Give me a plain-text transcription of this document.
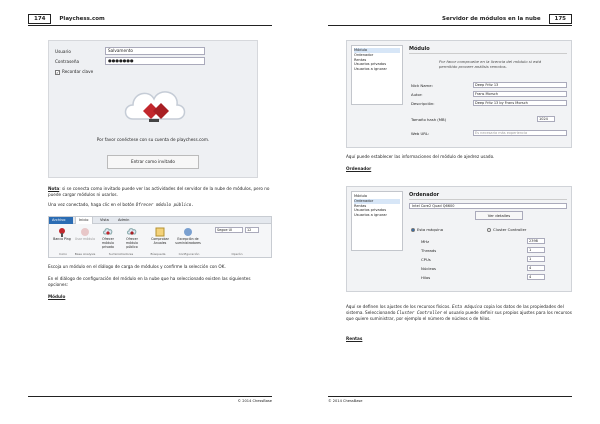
174	Playchess.com
Usuario	Salvamento
Contraseña	●●●●●●●
✓ Recordar clave
Por favor conéctese con su cuenta de playchess.com.
Entrar como invitado
Nota: si se conecta como invitado puede ver las actividades del servidor de la nube de módulos, pero no puede cargar módulos ni usarlos.
Una vez conectado, haga clic en el botón Ofrecer módulo público.
Archivo	Inicio	Vista	Admin
Banco Ping	Usar módulo	Ofrecer módulo privado
Ofrecer módulo público
Comprobar Anuales
Excepción de suministradores
Segoe UI	12
Inicio	Base Analysis	Suministradores	Búsqueda	Configuración	Operón
Escoja un módulo en el diálogo de carga de módulos y confirme la selección con OK.
En el diálogo de configuración del módulo en la nube que ha seleccionado existen las siguientes opciones:
Módulo
© 2014 ChessBase
Servidor de módulos en la nube	175
Módulo
Ordenador
Rentas
Usuarios privados
Usuarios a ignorar
Módulo
Por favor compruebe en la licencia del módulo si está permitido proveer análisis remotos.
Nick Name:	Deep Fritz 13
Autor:	Frans Morsch
Descripción:	Deep Fritz 13 by Frans Morsch
Tamaño hash (MB)	1024
Web URL:	Es necesaria más experiencia
Aquí puede establecer las informaciones del módulo de ajedrez usado.
Ordenador
Módulo
Ordenador
Rentas
Usuarios privados
Usuarios a ignorar
Ordenador
Intel Core2 Quad Q6600
Ver detalles
Esta máquina	Cluster Controller
MHz	2398
Threads	1
CPUs	1
Núcleos	4
Hilos	4
Aquí se definen los ajustes de los recursos físicos. Esta máquina copia los datos de las propiedades del sistema. Seleccionando Cluster Controller el usuario puede definir sus propios ajustes para los recursos que quiere suministrar, por ejemplo el número de núcleos o de hilos.
Rentas
© 2014 ChessBase
